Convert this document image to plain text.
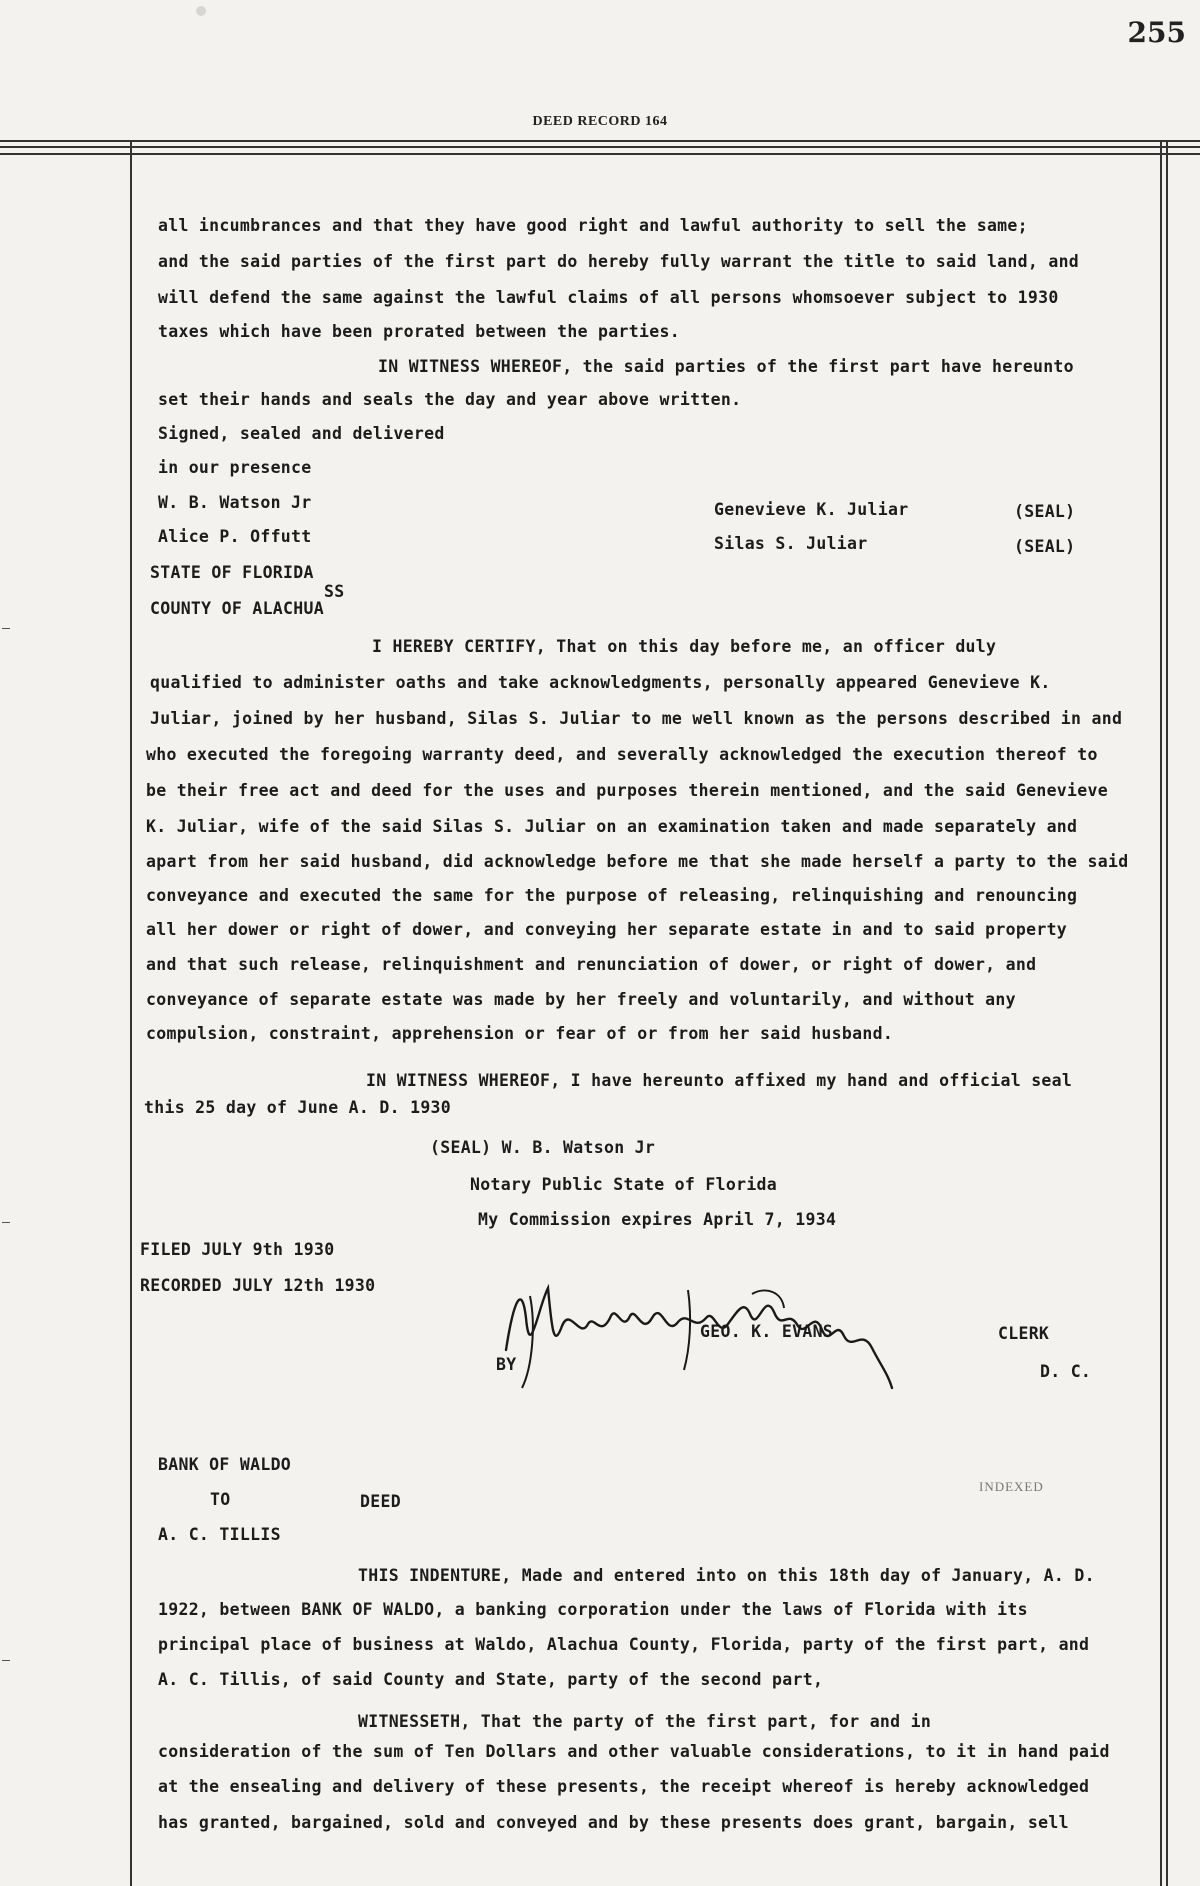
255
DEED RECORD 164
all incumbrances and that they have good right and lawful authority to sell the same;
and the said parties of the first part do hereby fully warrant the title to said land, and
will defend the same against the lawful claims of all persons whomsoever subject to 1930
taxes which have been prorated between the parties.
IN WITNESS WHEREOF, the said parties of the first part have hereunto
set their hands and seals the day and year above written.
Signed, sealed and delivered
in our presence
W. B. Watson Jr	Genevieve K. Juliar	(SEAL)
Alice P. Offutt	Silas S. Juliar	(SEAL)
STATE OF FLORIDA
SS
COUNTY OF ALACHUA
I HEREBY CERTIFY, That on this day before me, an officer duly
qualified to administer oaths and take acknowledgments, personally appeared Genevieve K.
Juliar, joined by her husband, Silas S. Juliar to me well known as the persons described in and
who executed the foregoing warranty deed, and severally acknowledged the execution thereof to
be their free act and deed for the uses and purposes therein mentioned, and the said Genevieve
K. Juliar, wife of the said Silas S. Juliar on an examination taken and made separately and
apart from her said husband, did acknowledge before me that she made herself a party to the said
conveyance and executed the same for the purpose of releasing, relinquishing and renouncing
all her dower or right of dower, and conveying her separate estate in and to said property
and that such release, relinquishment and renunciation of dower, or right of dower, and
conveyance of separate estate was made by her freely and voluntarily, and without any
compulsion, constraint, apprehension or fear of or from her said husband.
IN WITNESS WHEREOF, I have hereunto affixed my hand and official seal
this 25 day of June A. D. 1930
(SEAL) W. B. Watson Jr
Notary Public State of Florida
My Commission expires April 7, 1934
FILED JULY 9th 1930
RECORDED JULY 12th 1930
GEO. K. EVANS	CLERK
BY	D. C.
BANK OF WALDO
TO	DEED
A. C. TILLIS
INDEXED
THIS INDENTURE, Made and entered into on this 18th day of January, A. D.
1922, between BANK OF WALDO, a banking corporation under the laws of Florida with its
principal place of business at Waldo, Alachua County, Florida, party of the first part, and
A. C. Tillis, of said County and State, party of the second part,
WITNESSETH, That the party of the first part, for and in
consideration of the sum of Ten Dollars and other valuable considerations, to it in hand paid
at the ensealing and delivery of these presents, the receipt whereof is hereby acknowledged
has granted, bargained, sold and conveyed and by these presents does grant, bargain, sell
